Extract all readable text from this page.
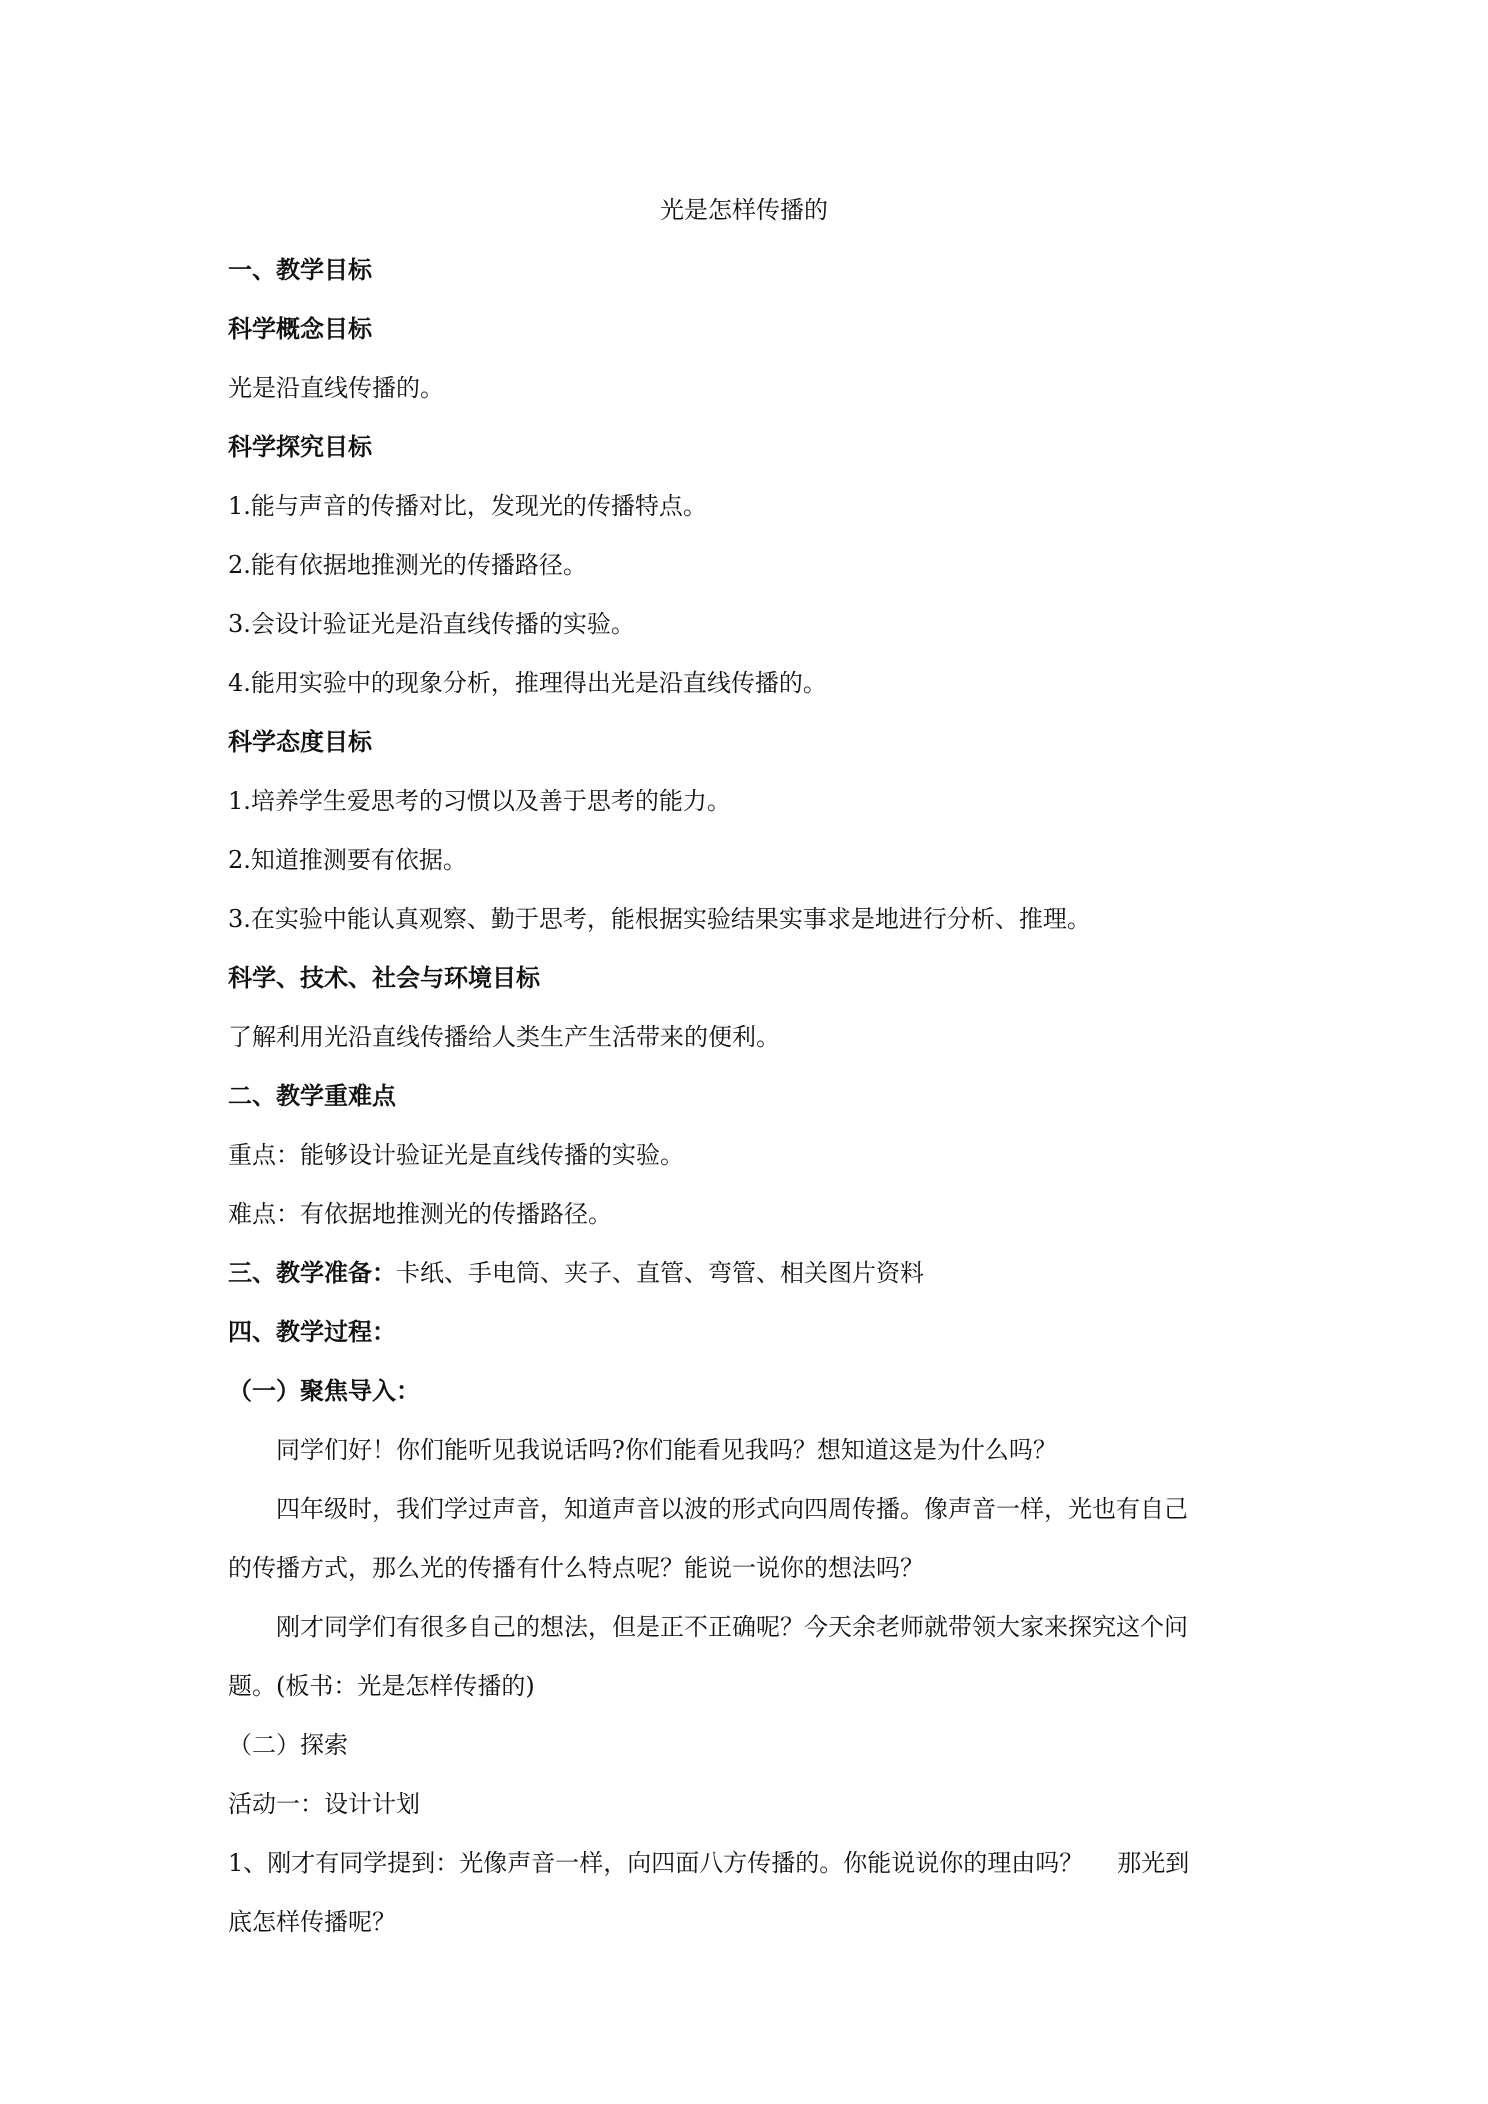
光是怎样传播的
一、教学目标
科学概念目标
光是沿直线传播的。
科学探究目标
1.能与声音的传播对比，发现光的传播特点。
2.能有依据地推测光的传播路径。
3.会设计验证光是沿直线传播的实验。
4.能用实验中的现象分析，推理得出光是沿直线传播的。
科学态度目标
1.培养学生爱思考的习惯以及善于思考的能力。
2.知道推测要有依据。
3.在实验中能认真观察、勤于思考，能根据实验结果实事求是地进行分析、推理。
科学、技术、社会与环境目标
了解利用光沿直线传播给人类生产生活带来的便利。
二、教学重难点
重点：能够设计验证光是直线传播的实验。
难点：有依据地推测光的传播路径。
三、教学准备：卡纸、手电筒、夹子、直管、弯管、相关图片资料
四、教学过程：
（一）聚焦导入：
同学们好！你们能听见我说话吗?你们能看见我吗？想知道这是为什么吗？
四年级时，我们学过声音，知道声音以波的形式向四周传播。像声音一样，光也有自己
的传播方式，那么光的传播有什么特点呢？能说一说你的想法吗？
刚才同学们有很多自己的想法，但是正不正确呢？今天余老师就带领大家来探究这个问
题。(板书：光是怎样传播的)
（二）探索
活动一：设计计划
1、刚才有同学提到：光像声音一样，向四面八方传播的。你能说说你的理由吗？ 那光到
底怎样传播呢？
